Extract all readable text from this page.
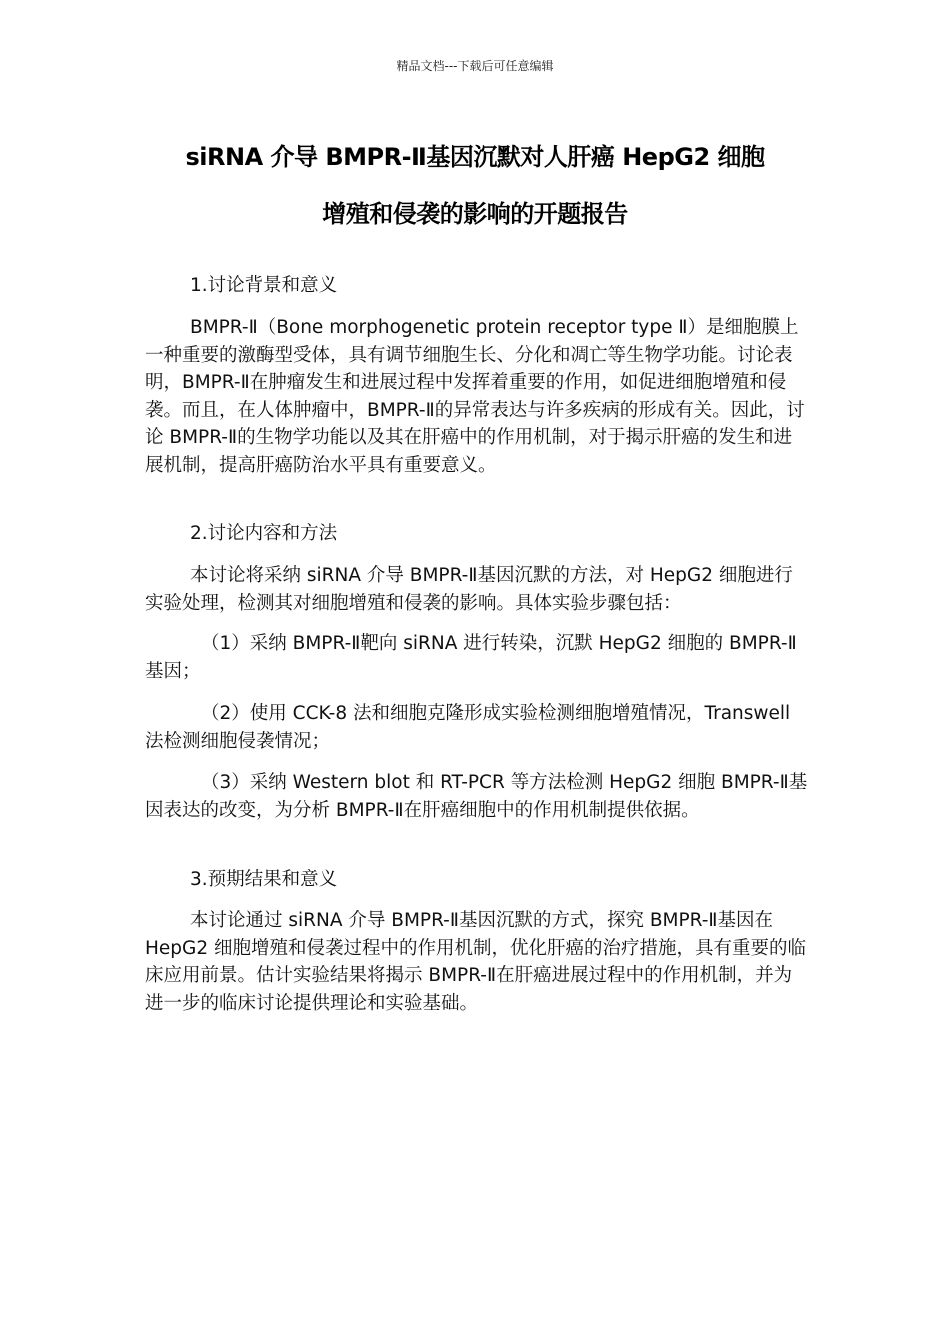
精品文档---下载后可任意编辑
siRNA 介导 BMPR-Ⅱ基因沉默对人肝癌 HepG2 细胞
增殖和侵袭的影响的开题报告
1.讨论背景和意义

BMPR-Ⅱ（Bone morphogenetic protein receptor type Ⅱ）是细胞膜上一种重要的激酶型受体，具有调节细胞生长、分化和凋亡等生物学功能。讨论表明，BMPR-Ⅱ在肿瘤发生和进展过程中发挥着重要的作用，如促进细胞增殖和侵袭。而且，在人体肿瘤中，BMPR-Ⅱ的异常表达与许多疾病的形成有关。因此，讨论 BMPR-Ⅱ的生物学功能以及其在肝癌中的作用机制，对于揭示肝癌的发生和进展机制，提高肝癌防治水平具有重要意义。

2.讨论内容和方法

本讨论将采纳 siRNA 介导 BMPR-Ⅱ基因沉默的方法，对 HepG2 细胞进行实验处理，检测其对细胞增殖和侵袭的影响。具体实验步骤包括：

（1）采纳 BMPR-Ⅱ靶向 siRNA 进行转染，沉默 HepG2 细胞的 BMPR-Ⅱ基因；

（2）使用 CCK-8 法和细胞克隆形成实验检测细胞增殖情况，Transwell 法检测细胞侵袭情况；

（3）采纳 Western blot 和 RT-PCR 等方法检测 HepG2 细胞 BMPR-Ⅱ基因表达的改变，为分析 BMPR-Ⅱ在肝癌细胞中的作用机制提供依据。

3.预期结果和意义

本讨论通过 siRNA 介导 BMPR-Ⅱ基因沉默的方式，探究 BMPR-Ⅱ基因在 HepG2 细胞增殖和侵袭过程中的作用机制，优化肝癌的治疗措施，具有重要的临床应用前景。估计实验结果将揭示 BMPR-Ⅱ在肝癌进展过程中的作用机制，并为进一步的临床讨论提供理论和实验基础。
